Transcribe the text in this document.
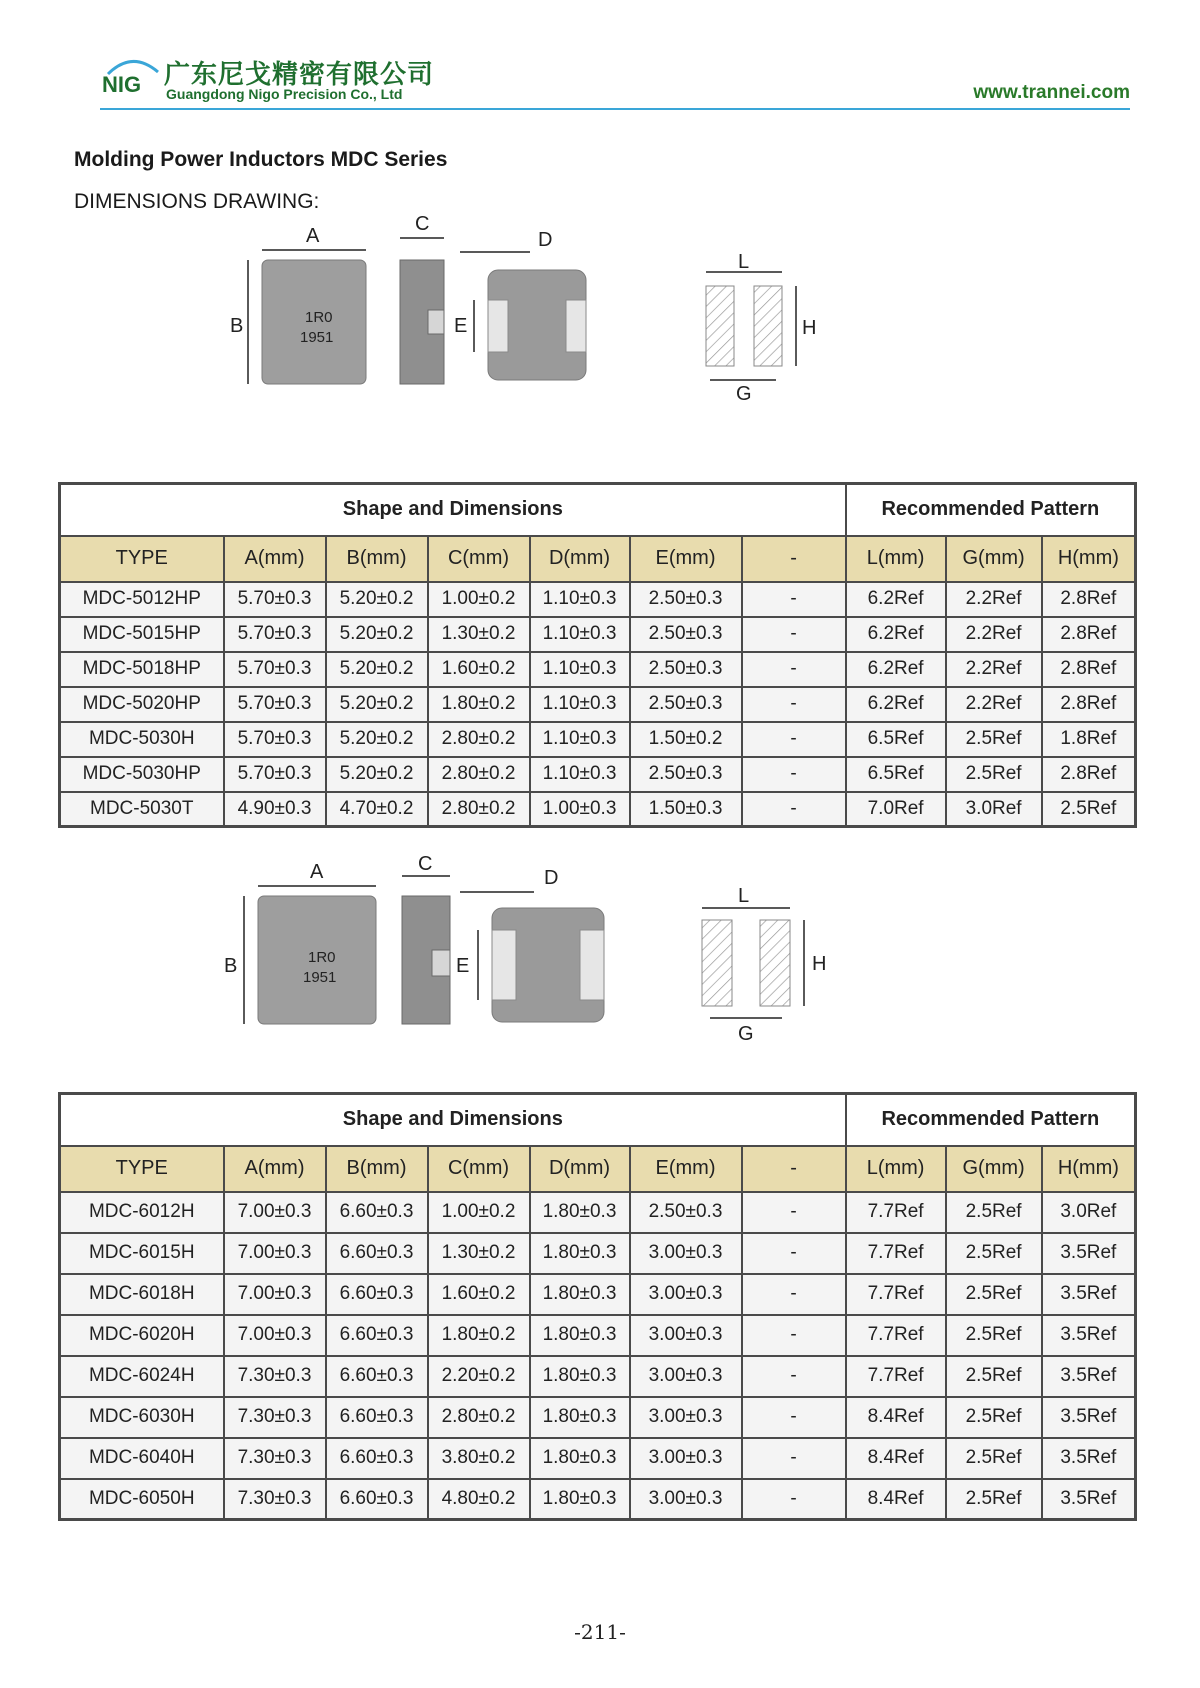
NIG 广东尼戈精密有限公司
Guangdong Nigo Precision Co., Ltd	www.trannei.com
Molding Power Inductors MDC Series
DIMENSIONS DRAWING:
1R0
1951
A
B
C
D
E
L
H
G
Shape and Dimensions							Recommended Pattern		
TYPE	A(mm)	B(mm)	C(mm)	D(mm)	E(mm)	-	L(mm)	G(mm)	H(mm)
MDC-5012HP	5.70±0.3	5.20±0.2	1.00±0.2	1.10±0.3	2.50±0.3	-	6.2Ref	2.2Ref	2.8Ref
MDC-5015HP	5.70±0.3	5.20±0.2	1.30±0.2	1.10±0.3	2.50±0.3	-	6.2Ref	2.2Ref	2.8Ref
MDC-5018HP	5.70±0.3	5.20±0.2	1.60±0.2	1.10±0.3	2.50±0.3	-	6.2Ref	2.2Ref	2.8Ref
MDC-5020HP	5.70±0.3	5.20±0.2	1.80±0.2	1.10±0.3	2.50±0.3	-	6.2Ref	2.2Ref	2.8Ref
MDC-5030H	5.70±0.3	5.20±0.2	2.80±0.2	1.10±0.3	1.50±0.2	-	6.5Ref	2.5Ref	1.8Ref
MDC-5030HP	5.70±0.3	5.20±0.2	2.80±0.2	1.10±0.3	2.50±0.3	-	6.5Ref	2.5Ref	2.8Ref
MDC-5030T	4.90±0.3	4.70±0.2	2.80±0.2	1.00±0.3	1.50±0.3	-	7.0Ref	3.0Ref	2.5Ref
1R0
1951
A
B
C
D
E
L
H
G
Shape and Dimensions							Recommended Pattern		
TYPE	A(mm)	B(mm)	C(mm)	D(mm)	E(mm)	-	L(mm)	G(mm)	H(mm)
MDC-6012H	7.00±0.3	6.60±0.3	1.00±0.2	1.80±0.3	2.50±0.3	-	7.7Ref	2.5Ref	3.0Ref
MDC-6015H	7.00±0.3	6.60±0.3	1.30±0.2	1.80±0.3	3.00±0.3	-	7.7Ref	2.5Ref	3.5Ref
MDC-6018H	7.00±0.3	6.60±0.3	1.60±0.2	1.80±0.3	3.00±0.3	-	7.7Ref	2.5Ref	3.5Ref
MDC-6020H	7.00±0.3	6.60±0.3	1.80±0.2	1.80±0.3	3.00±0.3	-	7.7Ref	2.5Ref	3.5Ref
MDC-6024H	7.30±0.3	6.60±0.3	2.20±0.2	1.80±0.3	3.00±0.3	-	7.7Ref	2.5Ref	3.5Ref
MDC-6030H	7.30±0.3	6.60±0.3	2.80±0.2	1.80±0.3	3.00±0.3	-	8.4Ref	2.5Ref	3.5Ref
MDC-6040H	7.30±0.3	6.60±0.3	3.80±0.2	1.80±0.3	3.00±0.3	-	8.4Ref	2.5Ref	3.5Ref
MDC-6050H	7.30±0.3	6.60±0.3	4.80±0.2	1.80±0.3	3.00±0.3	-	8.4Ref	2.5Ref	3.5Ref
-211-
